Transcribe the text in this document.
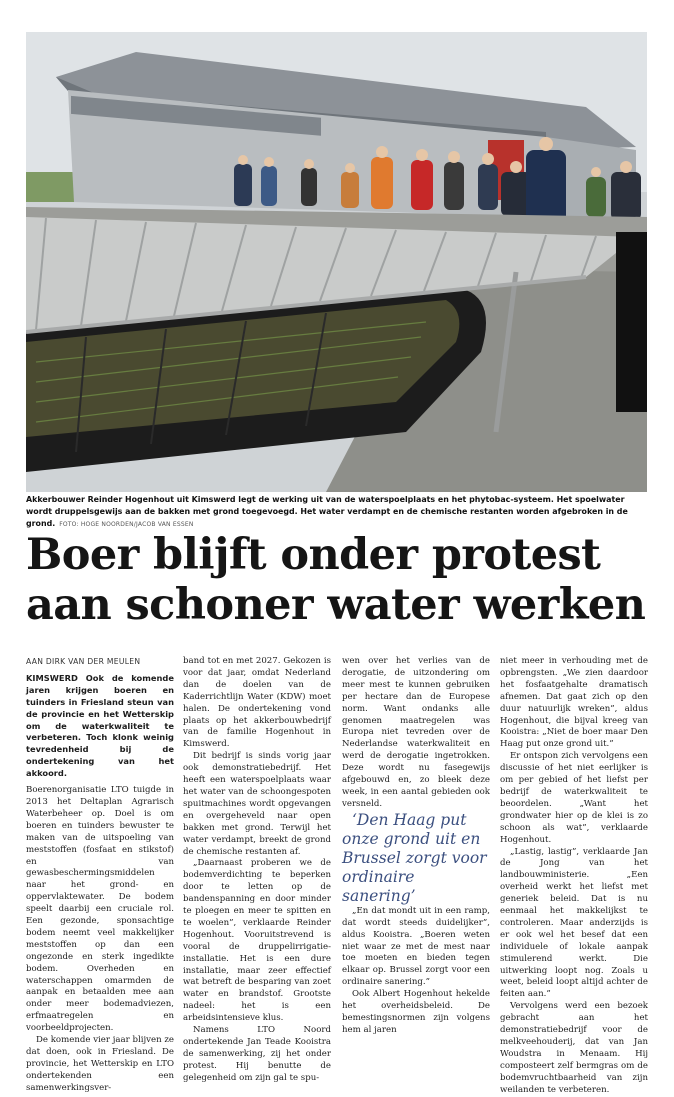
Akkerbouwer Reinder Hogenhout uit Kimswerd legt de werking uit van de waterspoelplaats en het phytobac-systeem. Het spoelwater wordt druppelsgewijs aan de bakken met grond toegevoegd. Het water verdampt en de chemische restanten worden afgebroken in de grond. FOTO: HOGE NOORDEN/JACOB VAN ESSEN
Boer blijft onder protest
aan schoner water werken
AAN DIRK VAN DER MEULEN

KIMSWERD Ook de komende jaren krijgen boeren en tuinders in Friesland steun van de provincie en het Wetterskip om de waterkwaliteit te verbeteren. Toch klonk weinig tevredenheid bij de ondertekening van het akkoord.

Boerenorganisatie LTO tuigde in 2013 het Deltaplan Agrarisch Waterbeheer op. Doel is om boeren en tuinders bewuster te maken van de uitspoeling van meststoffen (fosfaat en stikstof) en van gewasbeschermingsmiddelen naar het grond- en oppervlaktewater. De bodem speelt daarbij een cruciale rol. Een gezonde, sponsachtige bodem neemt veel makkelijker meststoffen op dan een ongezonde en sterk ingedikte bodem. Overheden en waterschappen omarmden de aanpak en betaalden mee aan onder meer bodemadviezen, erfmaatregelen en voorbeeldprojecten.

De komende vier jaar blijven ze dat doen, ook in Friesland. De provincie, het Wetterskip en LTO ondertekenden een samenwerkingsver-

band tot en met 2027. Gekozen is voor dat jaar, omdat Nederland dan de doelen van de Kaderrichtlijn Water (KDW) moet halen. De ondertekening vond plaats op het akkerbouwbedrijf van de familie Hogenhout in Kimswerd.

Dit bedrijf is sinds vorig jaar ook demonstratiebedrijf. Het heeft een waterspoelplaats waar het water van de schoongespoten spuitmachines wordt opgevangen en overgeheveld naar open bakken met grond. Terwijl het water verdampt, breekt de grond de chemische restanten af.

„Daarnaast proberen we de bodemverdichting te beperken door te letten op de bandenspanning en door minder te ploegen en meer te spitten en te woelen”, verklaarde Reinder Hogenhout. Vooruitstrevend is vooral de druppelirrigatie-installatie. Het is een dure installatie, maar zeer effectief wat betreft de besparing van zoet water en brandstof. Grootste nadeel: het is een arbeidsintensieve klus.

Namens LTO Noord ondertekende Jan Teade Kooistra de samenwerking, zij het onder protest. Hij benutte de gelegenheid om zijn gal te spu-

wen over het verlies van de derogatie, de uitzondering om meer mest te kunnen gebruiken per hectare dan de Europese norm. Want ondanks alle genomen maatregelen was Europa niet tevreden over de Nederlandse waterkwaliteit en werd de derogatie ingetrokken. Deze wordt nu fasegewijs afgebouwd en, zo bleek deze week, in een aantal gebieden ook versneld.

‘Den Haag put onze grond uit en Brussel zorgt voor ordinaire sanering’

„En dat mondt uit in een ramp, dat wordt steeds duidelijker”, aldus Kooistra. „Boeren weten niet waar ze met de mest naar toe moeten en bieden tegen elkaar op. Brussel zorgt voor een ordinaire sanering.”

Ook Albert Hogenhout hekelde het overheidsbeleid. De bemestingsnormen zijn volgens hem al jaren

niet meer in verhouding met de opbrengsten. „We zien daardoor het fosfaatgehalte dramatisch afnemen. Dat gaat zich op den duur natuurlijk wreken”, aldus Hogenhout, die bijval kreeg van Kooistra: „Niet de boer maar Den Haag put onze grond uit.”

Er ontspon zich vervolgens een discussie of het niet eerlijker is om per gebied of het liefst per bedrijf de waterkwaliteit te beoordelen. „Want het grondwater hier op de klei is zo schoon als wat”, verklaarde Hogenhout.

„Lastig, lastig”, verklaarde Jan de Jong van het landbouwministerie. „Een overheid werkt het liefst met generiek beleid. Dat is nu eenmaal het makkelijkst te controleren. Maar anderzijds is er ook wel het besef dat een individuele of lokale aanpak stimulerend werkt. Die uitwerking loopt nog. Zoals u weet, beleid loopt altijd achter de feiten aan.”

Vervolgens werd een bezoek gebracht aan het demonstratiebedrijf voor de melkveehouderij, dat van Jan Woudstra in Menaam. Hij composteert zelf bermgras om de bodemvruchtbaarheid van zijn weilanden te verbeteren.
